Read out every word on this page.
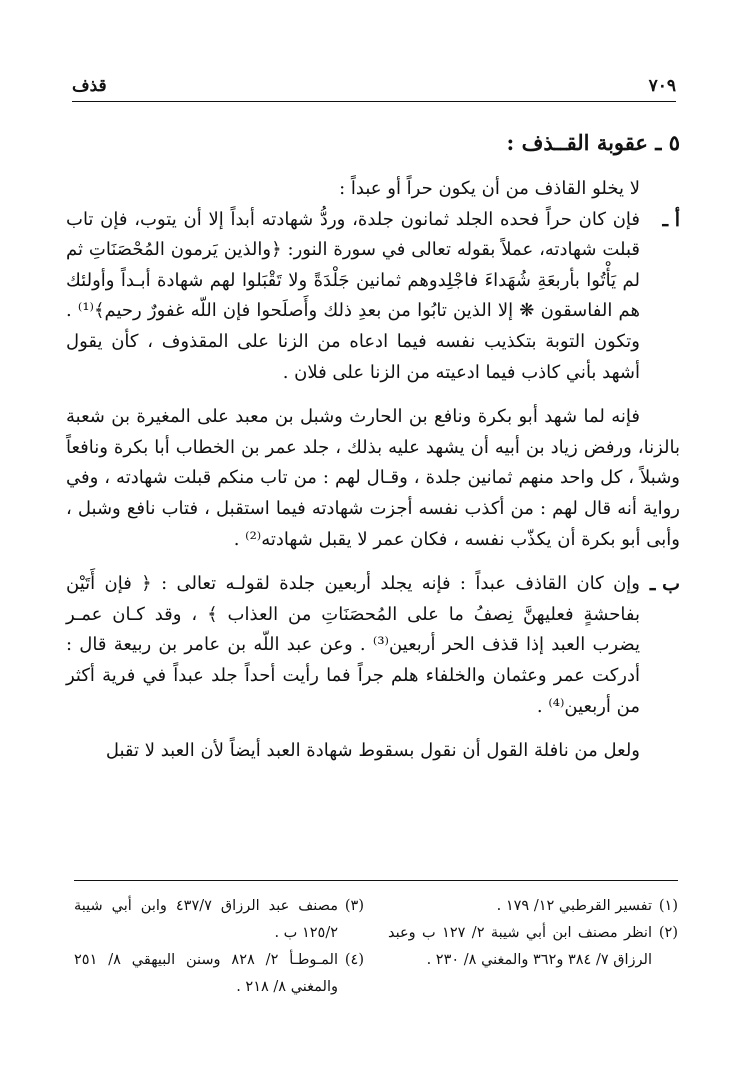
٧٠٩
قذف
٥ ـ عقوبة القــذف :

لا يخلو القاذف من أن يكون حراً أو عبداً :

أ ـ

فإن كان حراً فحده الجلد ثمانون جلدة، وردُّ شهادته أبداً إلا أن يتوب، فإن تاب قبلت شهادته، عملاً بقوله تعالى في سورة النور: ﴿والذين يَرمون المُحْصَنَاتِ ثم لم يَأْتُوا بأربعَةِ شُهَداءَ فاجْلِدوهم ثمانين جَلْدَةً ولا تَقْبَلوا لهم شهادة أبـداً وأولئك هم الفاسقون ❋ إلا الذين تابُوا من بعدِ ذلك وأَصلَحوا فإن اللّه غفورٌ رحيم﴾⁽¹⁾ . وتكون التوبة بتكذيب نفسه فيما ادعاه من الزنا على المقذوف ، كأن يقول أشهد بأني كاذب فيما ادعيته من الزنا على فلان .

فإنه لما شهد أبو بكرة ونافع بن الحارث وشبل بن معبد على المغيرة بن شعبة بالزنا، ورفض زياد بن أبيه أن يشهد عليه بذلك ، جلد عمر بن الخطاب أبا بكرة ونافعاً وشبلاً ، كل واحد منهم ثمانين جلدة ، وقـال لهم : من تاب منكم قبلت شهادته ، وفي رواية أنه قال لهم : من أكذب نفسه أجزت شهادته فيما استقبل ، فتاب نافع وشبل ، وأبى أبو بكرة أن يكذّب نفسه ، فكان عمر لا يقبل شهادته⁽²⁾ .

ب ـ

وإن كان القاذف عبداً : فإنه يجلد أربعين جلدة لقولـه تعالى : ﴿ فإن أَتَيْن بفاحشةٍ فعليهنَّ نِصفُ ما على المُحصَنَاتِ من العذاب ﴾ ، وقد كـان عمـر يضرب العبد إذا قذف الحر أربعين⁽³⁾ . وعن عبد اللّه بن عامر بن ربيعة قال : أدركت عمر وعثمان والخلفاء هلم جراً فما رأيت أحداً جلد عبداً في فرية أكثر من أربعين⁽⁴⁾ .

ولعل من نافلة القول أن نقول بسقوط شهادة العبد أيضاً لأن العبد لا تقبل

(١)
تفسير القرطبي ١٢/ ١٧٩ .
(٢)
انظر مصنف ابن أبي شيبة ٢/ ١٢٧ ب وعبد الرزاق ٧/ ٣٨٤ و٣٦٢ والمغني ٨/ ٢٣٠ .
(٣)
مصنف عبد الرزاق ٤٣٧/٧ وابن أبي شيبة ١٢٥/٢ ب .
(٤)
المـوطـأ ٢/ ٨٢٨ وسنن البيهقي ٨/ ٢٥١ والمغني ٨/ ٢١٨ .
